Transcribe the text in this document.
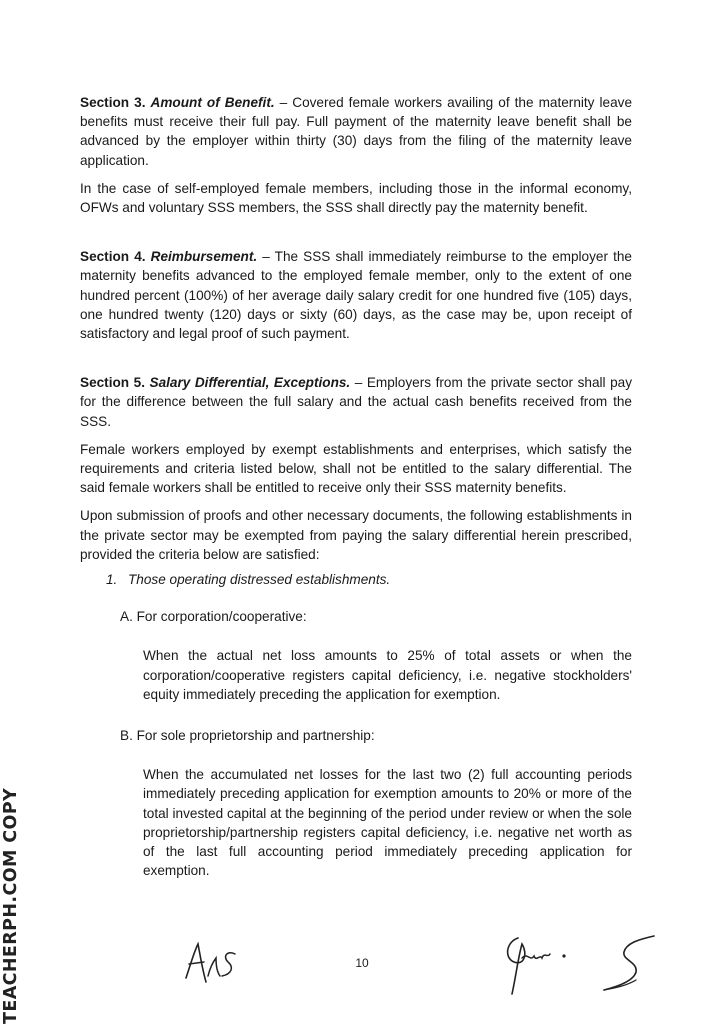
Section 3. Amount of Benefit. – Covered female workers availing of the maternity leave benefits must receive their full pay. Full payment of the maternity leave benefit shall be advanced by the employer within thirty (30) days from the filing of the maternity leave application.

In the case of self-employed female members, including those in the informal economy, OFWs and voluntary SSS members, the SSS shall directly pay the maternity benefit.

Section 4. Reimbursement. – The SSS shall immediately reimburse to the employer the maternity benefits advanced to the employed female member, only to the extent of one hundred percent (100%) of her average daily salary credit for one hundred five (105) days, one hundred twenty (120) days or sixty (60) days, as the case may be, upon receipt of satisfactory and legal proof of such payment.

Section 5. Salary Differential, Exceptions. – Employers from the private sector shall pay for the difference between the full salary and the actual cash benefits received from the SSS.

Female workers employed by exempt establishments and enterprises, which satisfy the requirements and criteria listed below, shall not be entitled to the salary differential. The said female workers shall be entitled to receive only their SSS maternity benefits.

Upon submission of proofs and other necessary documents, the following establishments in the private sector may be exempted from paying the salary differential herein prescribed, provided the criteria below are satisfied:

1. Those operating distressed establishments.
A. For corporation/cooperative:

When the actual net loss amounts to 25% of total assets or when the corporation/cooperative registers capital deficiency, i.e. negative stockholders' equity immediately preceding the application for exemption.

B. For sole proprietorship and partnership:

When the accumulated net losses for the last two (2) full accounting periods immediately preceding application for exemption amounts to 20% or more of the total invested capital at the beginning of the period under review or when the sole proprietorship/partnership registers capital deficiency, i.e. negative net worth as of the last full accounting period immediately preceding application for exemption.

TEACHERPH.COM COPY	10
